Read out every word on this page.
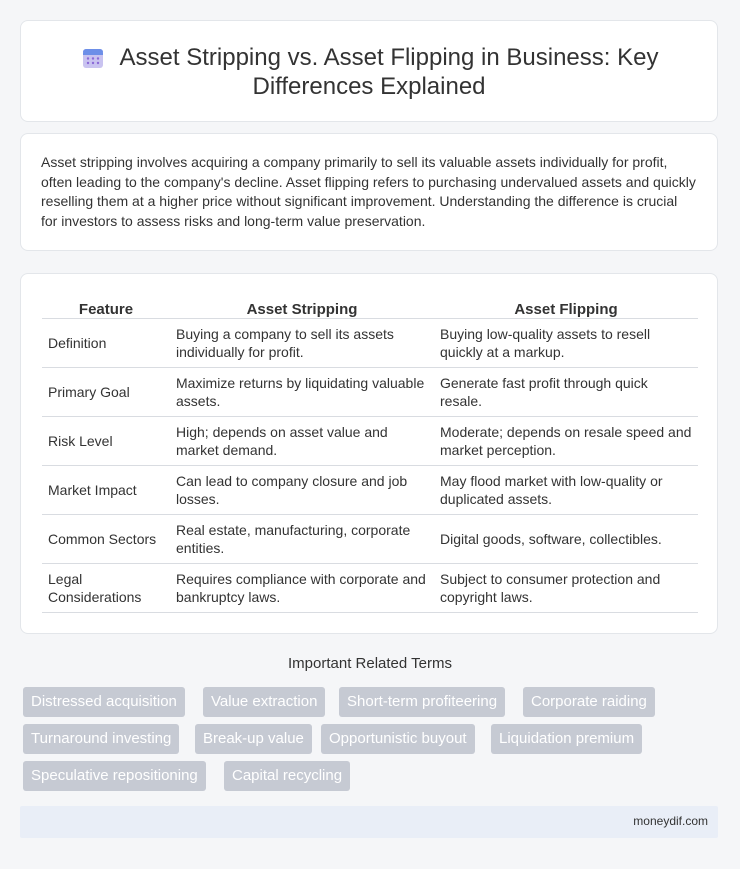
Asset Stripping vs. Asset Flipping in Business: Key
Differences Explained
Asset stripping involves acquiring a company primarily to sell its valuable assets individually for profit, often leading to the company's decline. Asset flipping refers to purchasing undervalued assets and quickly reselling them at a higher price without significant improvement. Understanding the difference is crucial for investors to assess risks and long-term value preservation.
Feature	Asset Stripping	Asset Flipping
Definition	Buying a company to sell its assets individually for profit.	Buying low-quality assets to resell quickly at a markup.
Primary Goal	Maximize returns by liquidating valuable assets.	Generate fast profit through quick resale.
Risk Level	High; depends on asset value and market demand.	Moderate; depends on resale speed and market perception.
Market Impact	Can lead to company closure and job losses.	May flood market with low-quality or duplicated assets.
Common Sectors	Real estate, manufacturing, corporate entities.	Digital goods, software, collectibles.
Legal Considerations	Requires compliance with corporate and bankruptcy laws.	Subject to consumer protection and copyright laws.
Important Related Terms
Distressed acquisition	Value extraction	Short-term profiteering	Corporate raiding
Turnaround investing	Break-up value	Opportunistic buyout	Liquidation premium
Speculative repositioning	Capital recycling
moneydif.com
